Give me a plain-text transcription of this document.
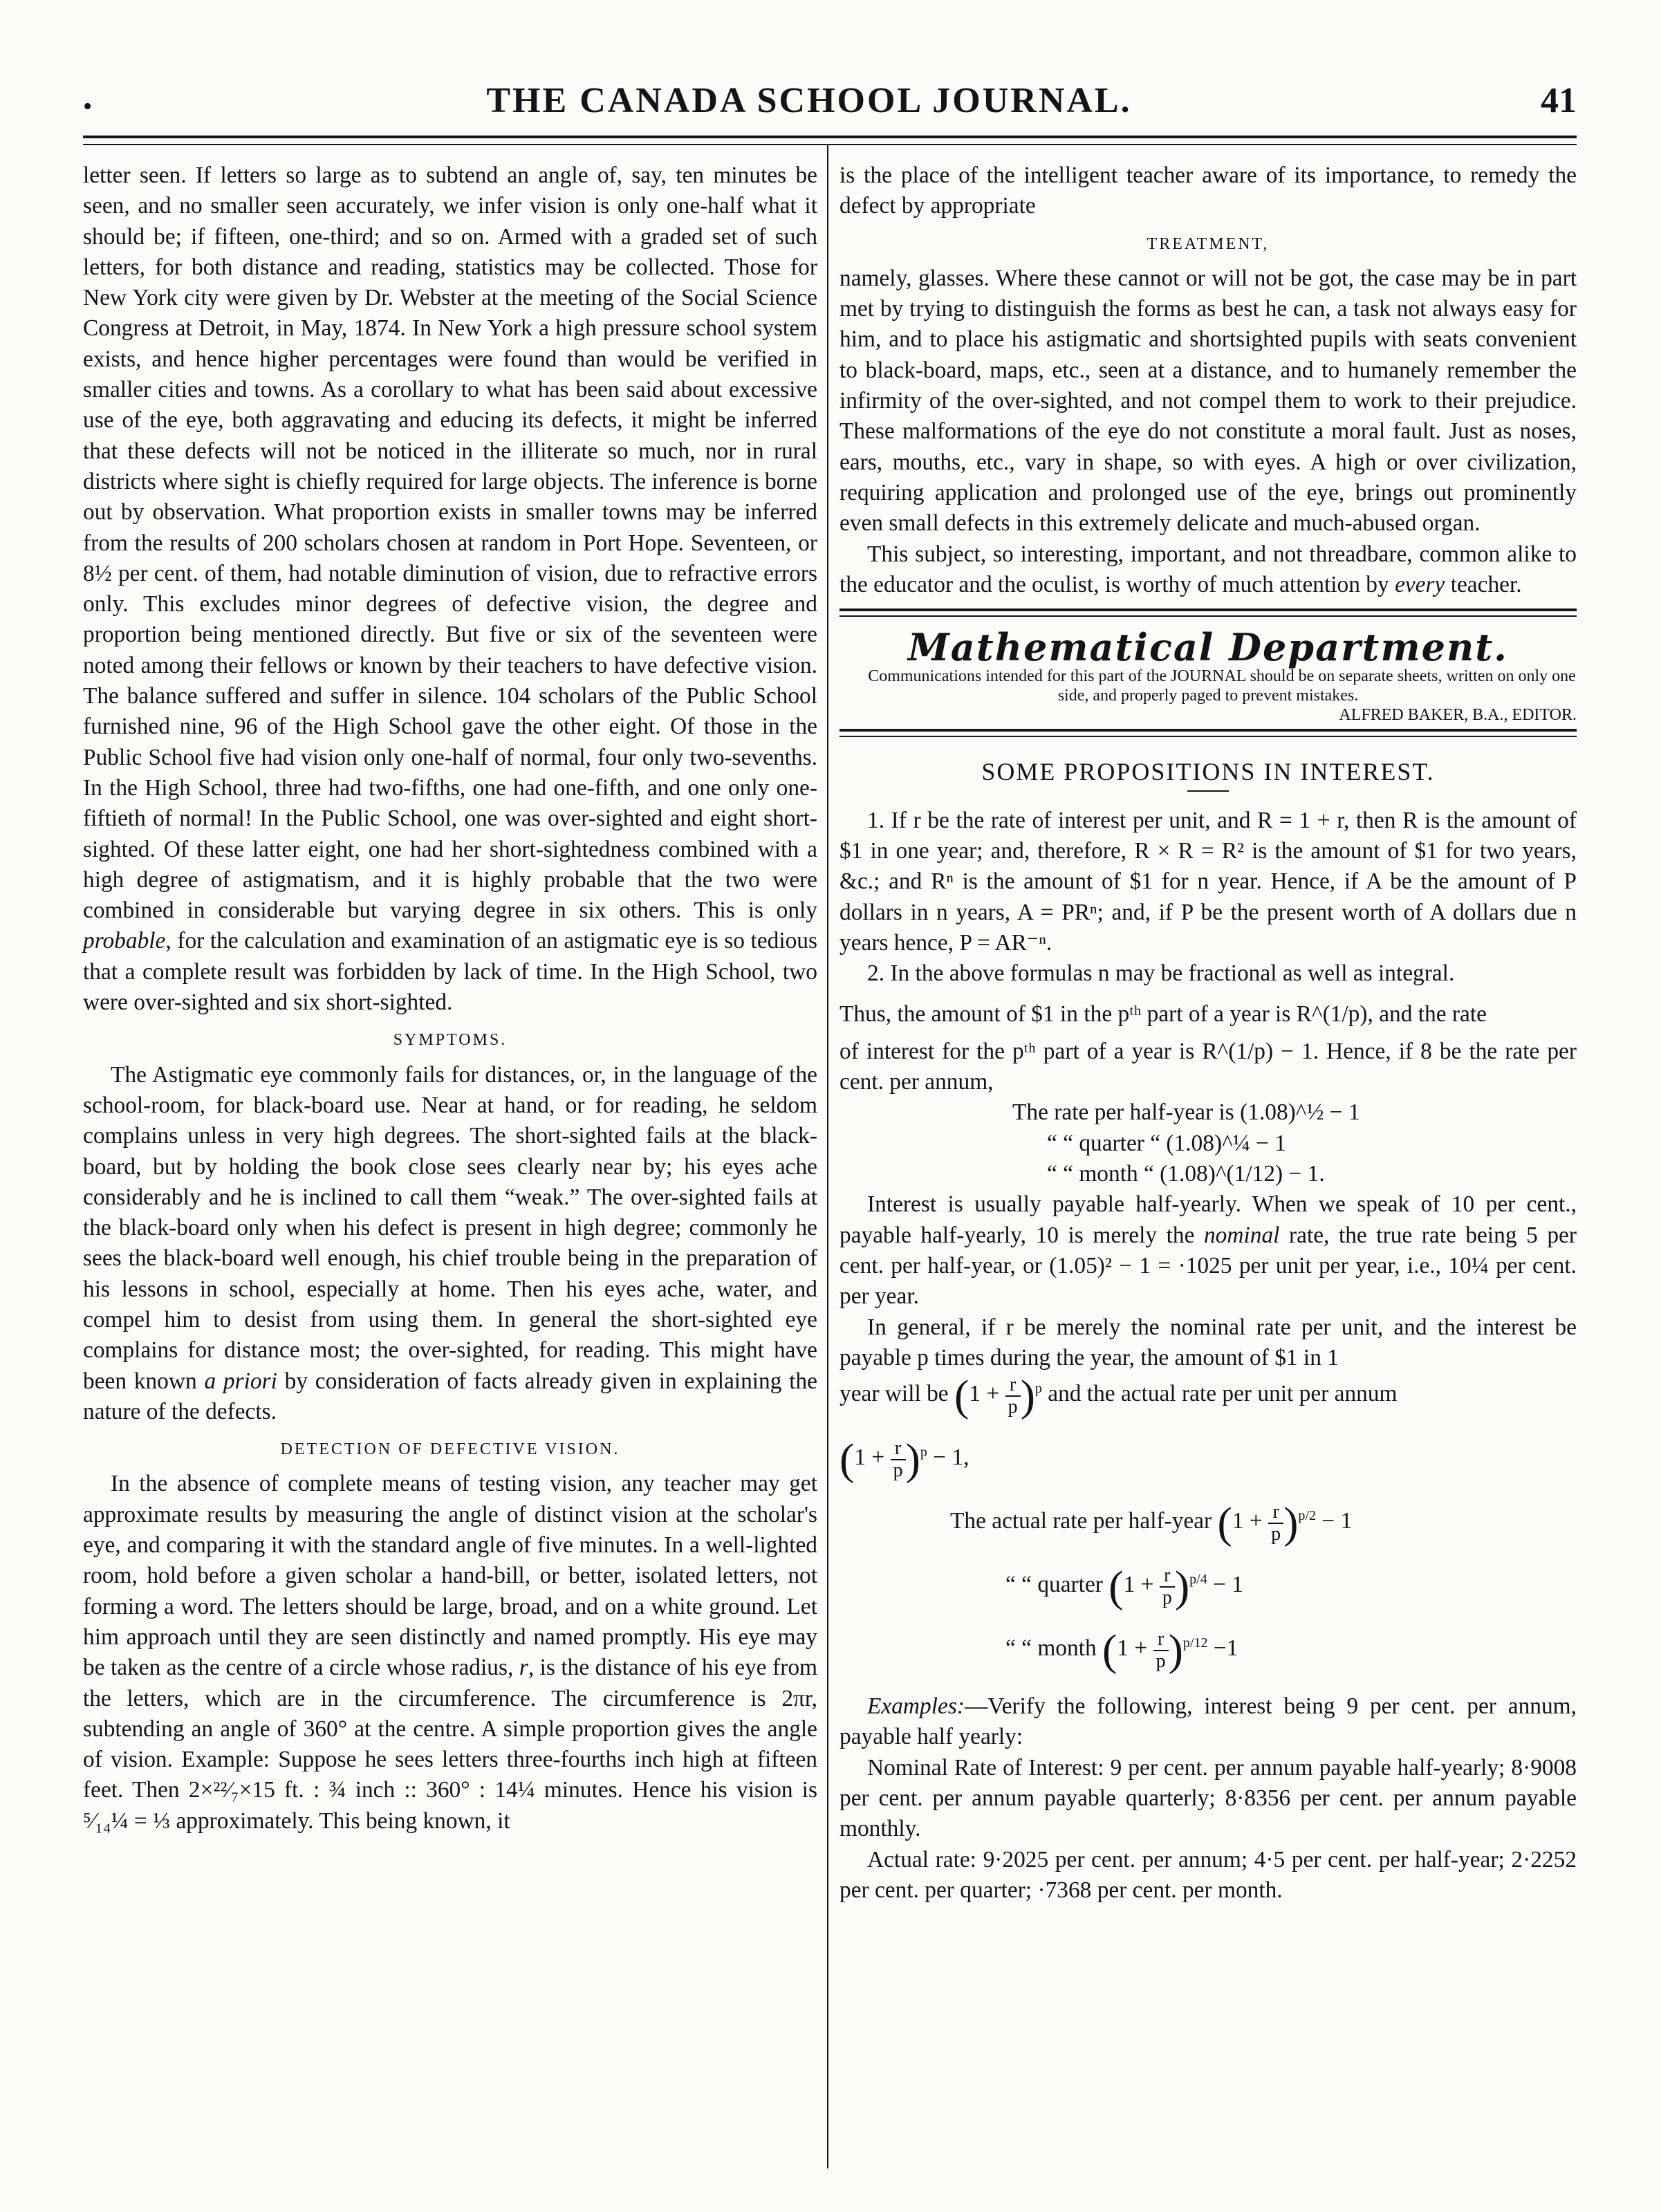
•	THE CANADA SCHOOL JOURNAL.	41

letter seen. If letters so large as to subtend an angle of, say, ten minutes be seen, and no smaller seen accurately, we infer vision is only one-half what it should be; if fifteen, one-third; and so on. Armed with a graded set of such letters, for both distance and reading, statistics may be collected. Those for New York city were given by Dr. Webster at the meeting of the Social Science Congress at Detroit, in May, 1874. In New York a high pressure school system exists, and hence higher percentages were found than would be verified in smaller cities and towns. As a corollary to what has been said about excessive use of the eye, both aggravating and educing its defects, it might be inferred that these defects will not be noticed in the illiterate so much, nor in rural districts where sight is chiefly required for large objects. The inference is borne out by observation. What proportion exists in smaller towns may be inferred from the results of 200 scholars chosen at random in Port Hope. Seventeen, or 8½ per cent. of them, had notable diminution of vision, due to refractive errors only. This excludes minor degrees of defective vision, the degree and proportion being mentioned directly. But five or six of the seventeen were noted among their fellows or known by their teachers to have defective vision. The balance suffered and suffer in silence. 104 scholars of the Public School furnished nine, 96 of the High School gave the other eight. Of those in the Public School five had vision only one-half of normal, four only two-sevenths. In the High School, three had two-fifths, one had one-fifth, and one only one-fiftieth of normal! In the Public School, one was over-sighted and eight short-sighted. Of these latter eight, one had her short-sightedness combined with a high degree of astigmatism, and it is highly probable that the two were combined in considerable but varying degree in six others. This is only probable, for the calculation and examination of an astigmatic eye is so tedious that a complete result was forbidden by lack of time. In the High School, two were over-sighted and six short-sighted.

SYMPTOMS.

The Astigmatic eye commonly fails for distances, or, in the language of the school-room, for black-board use. Near at hand, or for reading, he seldom complains unless in very high degrees. The short-sighted fails at the black-board, but by holding the book close sees clearly near by; his eyes ache considerably and he is inclined to call them “weak.” The over-sighted fails at the black-board only when his defect is present in high degree; commonly he sees the black-board well enough, his chief trouble being in the preparation of his lessons in school, especially at home. Then his eyes ache, water, and compel him to desist from using them. In general the short-sighted eye complains for distance most; the over-sighted, for reading. This might have been known a priori by consideration of facts already given in explaining the nature of the defects.

DETECTION OF DEFECTIVE VISION.

In the absence of complete means of testing vision, any teacher may get approximate results by measuring the angle of distinct vision at the scholar's eye, and comparing it with the standard angle of five minutes. In a well-lighted room, hold before a given scholar a hand-bill, or better, isolated letters, not forming a word. The letters should be large, broad, and on a white ground. Let him approach until they are seen distinctly and named promptly. His eye may be taken as the centre of a circle whose radius, r, is the distance of his eye from the letters, which are in the circumference. The circumference is 2πr, subtending an angle of 360° at the centre. A simple proportion gives the angle of vision. Example: Suppose he sees letters three-fourths inch high at fifteen feet. Then 2×²²⁄₇×15 ft. : ¾ inch :: 360° : 14¼ minutes. Hence his vision is ⁵⁄₁₄¼ = ⅓ approximately. This being known, it

is the place of the intelligent teacher aware of its importance, to remedy the defect by appropriate

TREATMENT,

namely, glasses. Where these cannot or will not be got, the case may be in part met by trying to distinguish the forms as best he can, a task not always easy for him, and to place his astigmatic and shortsighted pupils with seats convenient to black-board, maps, etc., seen at a distance, and to humanely remember the infirmity of the over-sighted, and not compel them to work to their prejudice. These malformations of the eye do not constitute a moral fault. Just as noses, ears, mouths, etc., vary in shape, so with eyes. A high or over civilization, requiring application and prolonged use of the eye, brings out prominently even small defects in this extremely delicate and much-abused organ.

This subject, so interesting, important, and not threadbare, common alike to the educator and the oculist, is worthy of much attention by every teacher.

Mathematical Department.

Communications intended for this part of the JOURNAL should be on separate sheets, written on only one side, and properly paged to prevent mistakes.

ALFRED BAKER, B.A., EDITOR.

SOME PROPOSITIONS IN INTEREST.

1. If r be the rate of interest per unit, and R = 1 + r, then R is the amount of $1 in one year; and, therefore, R × R = R² is the amount of $1 for two years, &c.; and Rⁿ is the amount of $1 for n year. Hence, if A be the amount of P dollars in n years, A = PRⁿ; and, if P be the present worth of A dollars due n years hence, P = AR⁻ⁿ.

2. In the above formulas n may be fractional as well as integral.

Thus, the amount of $1 in the pᵗʰ part of a year is R^(1/p), and the rate

of interest for the pᵗʰ part of a year is R^(1/p) − 1. Hence, if 8 be the rate per cent. per annum,

The rate per half-year is (1.08)^½ − 1
“ “ quarter “ (1.08)^¼ − 1
“ “ month “ (1.08)^(1/12) − 1.

Interest is usually payable half-yearly. When we speak of 10 per cent., payable half-yearly, 10 is merely the nominal rate, the true rate being 5 per cent. per half-year, or (1.05)² − 1 = ·1025 per unit per year, i.e., 10¼ per cent. per year.

In general, if r be merely the nominal rate per unit, and the interest be payable p times during the year, the amount of $1 in 1

year will be $(1 + \frac{r}{p} )^p$ and the actual rate per unit per annum
$(1 + \frac{r}{p} )^p - 1$,
The actual rate per half-year $(1 + \frac{r}{p} )^{p/2} - 1$
“ “ quarter $(1 + \frac{r}{p} )^{p/4} - 1$
“ “ month $(1 + \frac{r}{p} )^{p/12} -1$

Examples:—Verify the following, interest being 9 per cent. per annum, payable half yearly:

Nominal Rate of Interest: 9 per cent. per annum payable half-yearly; 8·9008 per cent. per annum payable quarterly; 8·8356 per cent. per annum payable monthly.

Actual rate: 9·2025 per cent. per annum; 4·5 per cent. per half-year; 2·2252 per cent. per quarter; ·7368 per cent. per month.
